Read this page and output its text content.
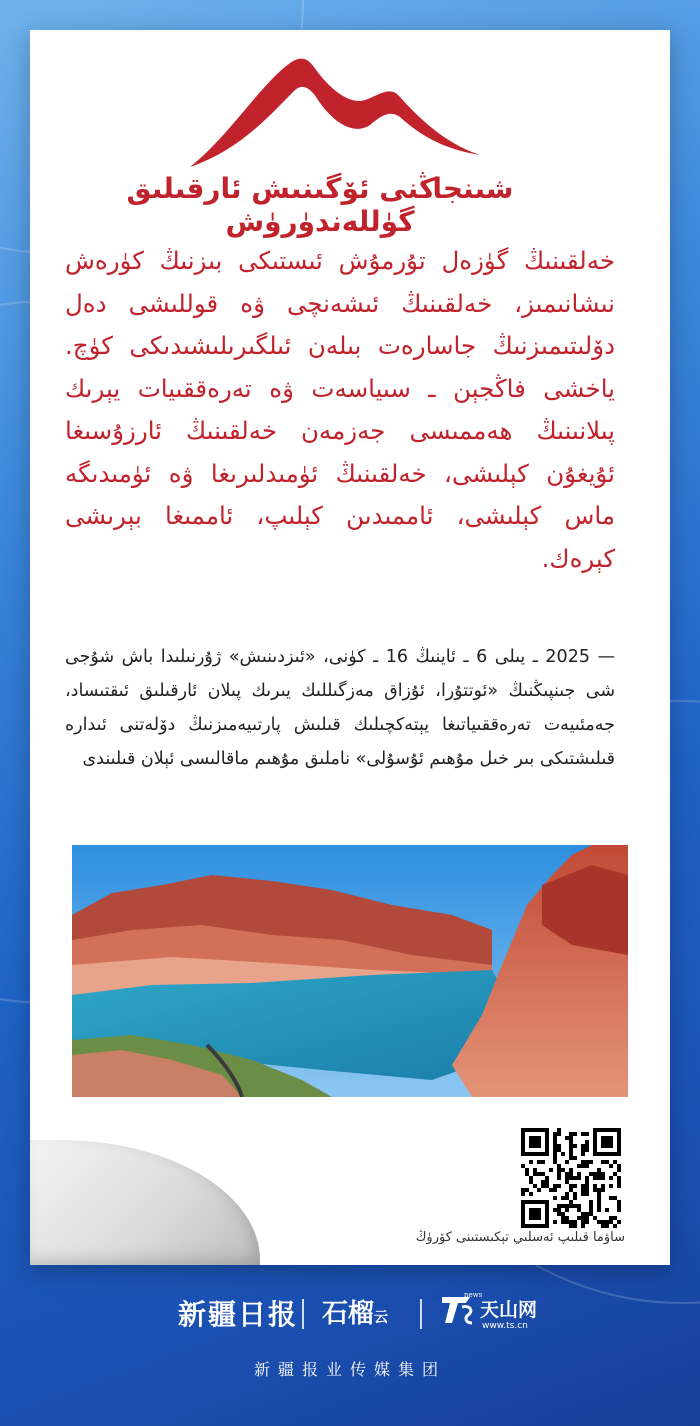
شىنجاڭنى ئۆگىنىش ئارقىلىق گۈللەندۈرۈش
خەلقىنىڭ گۈزەل تۇرمۇش ئىستىكى بىزنىڭ كۈرەش نىشانىمىز، خەلقىنىڭ ئىشەنچى ۋە قوللىشى دەل دۆلىتىمىزنىڭ جاسارەت بىلەن ئىلگىرىلىشىدىكى كۈچ. ياخشى فاڭجېن ـ سىياسەت ۋە تەرەققىيات يېرىك پىلانىنىڭ ھەممىسى جەزمەن خەلقىنىڭ ئارزۇسىغا ئۇيغۇن كېلىشى، خەلقىنىڭ ئۈمىدلىرىغا ۋە ئۈمىدىگە ماس كېلىشى، ئاممىدىن كېلىپ، ئاممىغا بېرىشى كېرەك.
— 2025 ـ يىلى 6 ـ ئاينىڭ 16 ـ كۈنى، «ئىزدىنىش» ژۇرنىلىدا باش شۇجى شى جىنپىڭنىڭ «ئوتتۇرا، ئۇزاق مەزگىللىك يىرىك پىلان ئارقىلىق ئىقتىساد، جەمئىيەت تەرەققىياتىغا يېتەكچىلىك قىلىش پارتىيەمىزنىڭ دۆلەتنى ئىدارە قىلىشتىكى بىر خىل مۇھىم ئۇسۇلى» ناملىق مۇھىم ماقالىسى ئېلان قىلىندى
ساۋما قىلىپ ئەسلىي تېكىستىنى كۆرۈڭ
新疆日报 石榴云
news
天山网
www.ts.cn
新疆报业传媒集团
